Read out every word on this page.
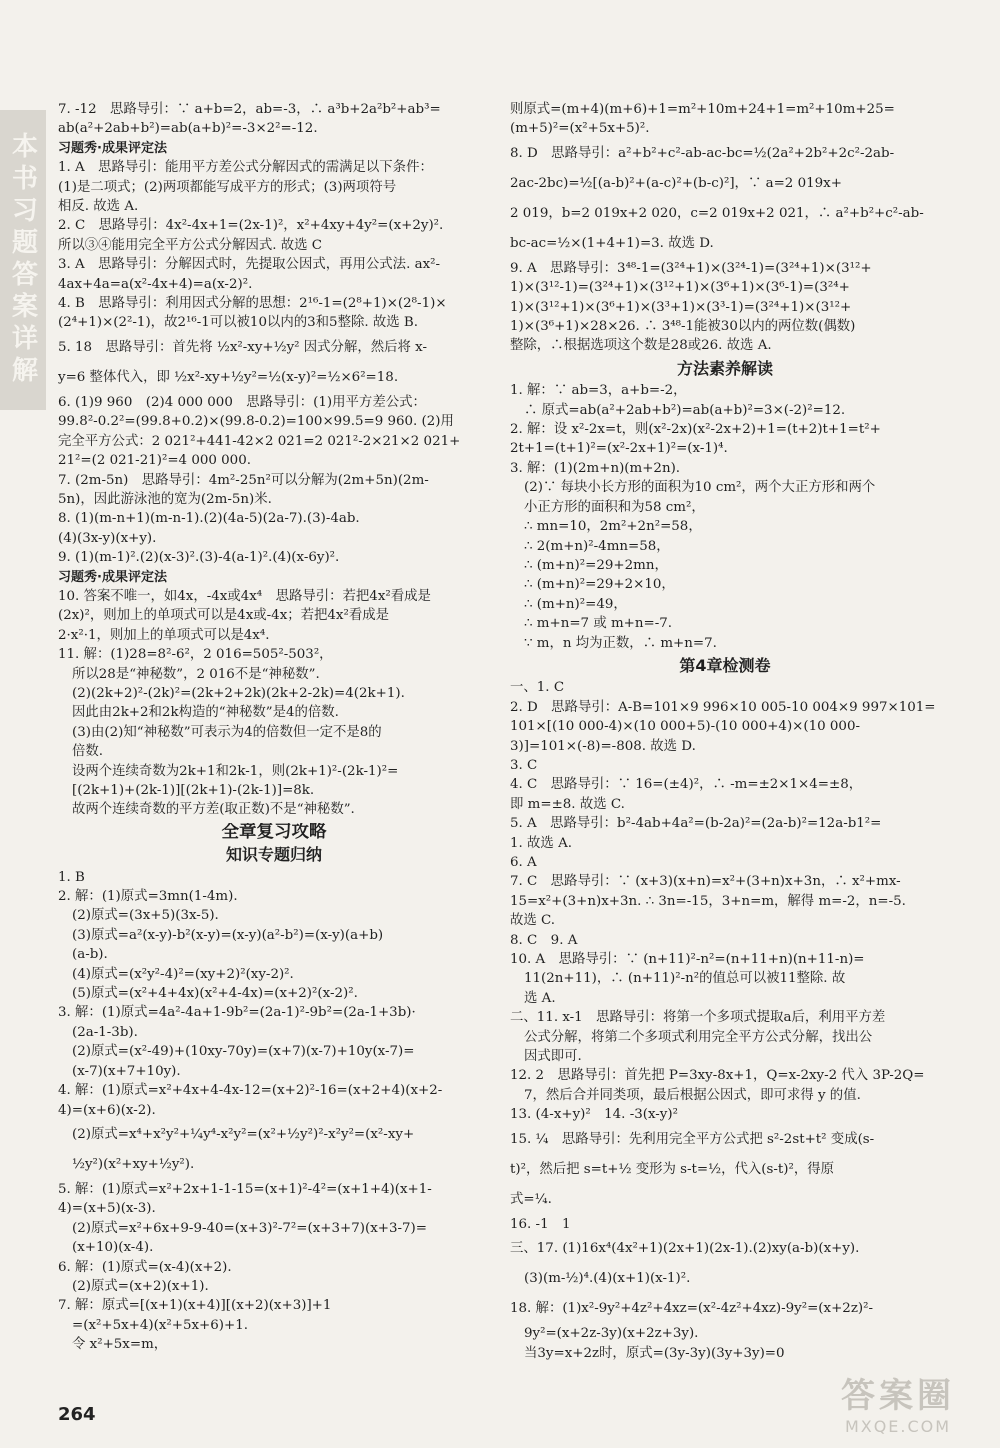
本书习题答案详解
7. -12　思路导引：∵ a+b=2，ab=-3，∴ a³b+2a²b²+ab³=
ab(a²+2ab+b²)=ab(a+b)²=-3×2²=-12.
习题秀·成果评定法
1. A　思路导引：能用平方差公式分解因式的需满足以下条件：
(1)是二项式；(2)两项都能写成平方的形式；(3)两项符号
相反. 故选 A.
2. C　思路导引：4x²-4x+1=(2x-1)²，x²+4xy+4y²=(x+2y)².
所以③④能用完全平方公式分解因式. 故选 C
3. A　思路导引：分解因式时，先提取公因式，再用公式法. ax²-
4ax+4a=a(x²-4x+4)=a(x-2)².
4. B　思路导引：利用因式分解的思想：2¹⁶-1=(2⁸+1)×(2⁸-1)×
(2⁴+1)×(2²-1)，故2¹⁶-1可以被10以内的3和5整除. 故选 B.
5. 18　思路导引：首先将 ½x²-xy+½y² 因式分解，然后将 x-
y=6 整体代入，即 ½x²-xy+½y²=½(x-y)²=½×6²=18.
6. (1)9 960　(2)4 000 000　思路导引：(1)用平方差公式：
99.8²-0.2²=(99.8+0.2)×(99.8-0.2)=100×99.5=9 960. (2)用
完全平方公式：2 021²+441-42×2 021=2 021²-2×21×2 021+
21²=(2 021-21)²=4 000 000.
7. (2m-5n)　思路导引：4m²-25n²可以分解为(2m+5n)(2m-
5n)，因此游泳池的宽为(2m-5n)米.
8. (1)(m-n+1)(m-n-1).(2)(4a-5)(2a-7).(3)-4ab.
(4)(3x-y)(x+y).
9. (1)(m-1)².(2)(x-3)².(3)-4(a-1)².(4)(x-6y)².
习题秀·成果评定法
10. 答案不唯一，如4x，-4x或4x⁴　思路导引：若把4x²看成是
(2x)²，则加上的单项式可以是4x或-4x；若把4x²看成是
2·x²·1，则加上的单项式可以是4x⁴.
11. 解：(1)28=8²-6²，2 016=505²-503²，
所以28是“神秘数”，2 016不是“神秘数”.
(2)(2k+2)²-(2k)²=(2k+2+2k)(2k+2-2k)=4(2k+1).
因此由2k+2和2k构造的“神秘数”是4的倍数.
(3)由(2)知“神秘数”可表示为4的倍数但一定不是8的
倍数.
设两个连续奇数为2k+1和2k-1，则(2k+1)²-(2k-1)²=
[(2k+1)+(2k-1)][(2k+1)-(2k-1)]=8k.
故两个连续奇数的平方差(取正数)不是“神秘数”.
全章复习攻略
知识专题归纳
1. B
2. 解：(1)原式=3mn(1-4m).
(2)原式=(3x+5)(3x-5).
(3)原式=a²(x-y)-b²(x-y)=(x-y)(a²-b²)=(x-y)(a+b)
(a-b).
(4)原式=(x²y²-4)²=(xy+2)²(xy-2)².
(5)原式=(x²+4+4x)(x²+4-4x)=(x+2)²(x-2)².
3. 解：(1)原式=4a²-4a+1-9b²=(2a-1)²-9b²=(2a-1+3b)·
(2a-1-3b).
(2)原式=(x²-49)+(10xy-70y)=(x+7)(x-7)+10y(x-7)=
(x-7)(x+7+10y).
4. 解：(1)原式=x²+4x+4-4x-12=(x+2)²-16=(x+2+4)(x+2-
4)=(x+6)(x-2).
(2)原式=x⁴+x²y²+¼y⁴-x²y²=(x²+½y²)²-x²y²=(x²-xy+
½y²)(x²+xy+½y²).
5. 解：(1)原式=x²+2x+1-1-15=(x+1)²-4²=(x+1+4)(x+1-
4)=(x+5)(x-3).
(2)原式=x²+6x+9-9-40=(x+3)²-7²=(x+3+7)(x+3-7)=
(x+10)(x-4).
6. 解：(1)原式=(x-4)(x+2).
(2)原式=(x+2)(x+1).
7. 解：原式=[(x+1)(x+4)][(x+2)(x+3)]+1
=(x²+5x+4)(x²+5x+6)+1.
令 x²+5x=m，
则原式=(m+4)(m+6)+1=m²+10m+24+1=m²+10m+25=
(m+5)²=(x²+5x+5)².
8. D　思路导引：a²+b²+c²-ab-ac-bc=½(2a²+2b²+2c²-2ab-
2ac-2bc)=½[(a-b)²+(a-c)²+(b-c)²]，∵ a=2 019x+
2 019，b=2 019x+2 020，c=2 019x+2 021，∴ a²+b²+c²-ab-
bc-ac=½×(1+4+1)=3. 故选 D.
9. A　思路导引：3⁴⁸-1=(3²⁴+1)×(3²⁴-1)=(3²⁴+1)×(3¹²+
1)×(3¹²-1)=(3²⁴+1)×(3¹²+1)×(3⁶+1)×(3⁶-1)=(3²⁴+
1)×(3¹²+1)×(3⁶+1)×(3³+1)×(3³-1)=(3²⁴+1)×(3¹²+
1)×(3⁶+1)×28×26. ∴ 3⁴⁸-1能被30以内的两位数(偶数)
整除，∴根据选项这个数是28或26. 故选 A.
方法素养解读
1. 解：∵ ab=3，a+b=-2，
∴ 原式=ab(a²+2ab+b²)=ab(a+b)²=3×(-2)²=12.
2. 解：设 x²-2x=t，则(x²-2x)(x²-2x+2)+1=(t+2)t+1=t²+
2t+1=(t+1)²=(x²-2x+1)²=(x-1)⁴.
3. 解：(1)(2m+n)(m+2n).
(2)∵ 每块小长方形的面积为10 cm²，两个大正方形和两个
小正方形的面积和为58 cm²，
∴ mn=10，2m²+2n²=58，
∴ 2(m+n)²-4mn=58，
∴ (m+n)²=29+2mn，
∴ (m+n)²=29+2×10，
∴ (m+n)²=49，
∴ m+n=7 或 m+n=-7.
∵ m，n 均为正数，∴ m+n=7.
第4章检测卷
一、1. C
2. D　思路导引：A-B=101×9 996×10 005-10 004×9 997×101=
101×[(10 000-4)×(10 000+5)-(10 000+4)×(10 000-
3)]=101×(-8)=-808. 故选 D.
3. C
4. C　思路导引：∵ 16=(±4)²，∴ -m=±2×1×4=±8，
即 m=±8. 故选 C.
5. A　思路导引：b²-4ab+4a²=(b-2a)²=(2a-b)²=12a-b1²=
1. 故选 A.
6. A
7. C　思路导引：∵ (x+3)(x+n)=x²+(3+n)x+3n，∴ x²+mx-
15=x²+(3+n)x+3n. ∴ 3n=-15，3+n=m，解得 m=-2，n=-5.
故选 C.
8. C　9. A
10. A　思路导引：∵ (n+11)²-n²=(n+11+n)(n+11-n)=
11(2n+11)，∴ (n+11)²-n²的值总可以被11整除. 故
选 A.
二、11. x-1　思路导引：将第一个多项式提取a后，利用平方差
公式分解，将第二个多项式利用完全平方公式分解，找出公
因式即可.
12. 2　思路导引：首先把 P=3xy-8x+1，Q=x-2xy-2 代入 3P-2Q=
7，然后合并同类项，最后根据公因式，即可求得 y 的值.
13. (4-x+y)²　14. -3(x-y)²
15. ¼　思路导引：先利用完全平方公式把 s²-2st+t² 变成(s-
t)²，然后把 s=t+½ 变形为 s-t=½，代入(s-t)²，得原
式=¼.
16. -1　1
三、17. (1)16x⁴(4x²+1)(2x+1)(2x-1).(2)xy(a-b)(x+y).
(3)(m-½)⁴.(4)(x+1)(x-1)².
18. 解：(1)x²-9y²+4z²+4xz=(x²-4z²+4xz)-9y²=(x+2z)²-
9y²=(x+2z-3y)(x+2z+3y).
当3y=x+2z时，原式=(3y-3y)(3y+3y)=0
264	答案圈
MXQE.COM
